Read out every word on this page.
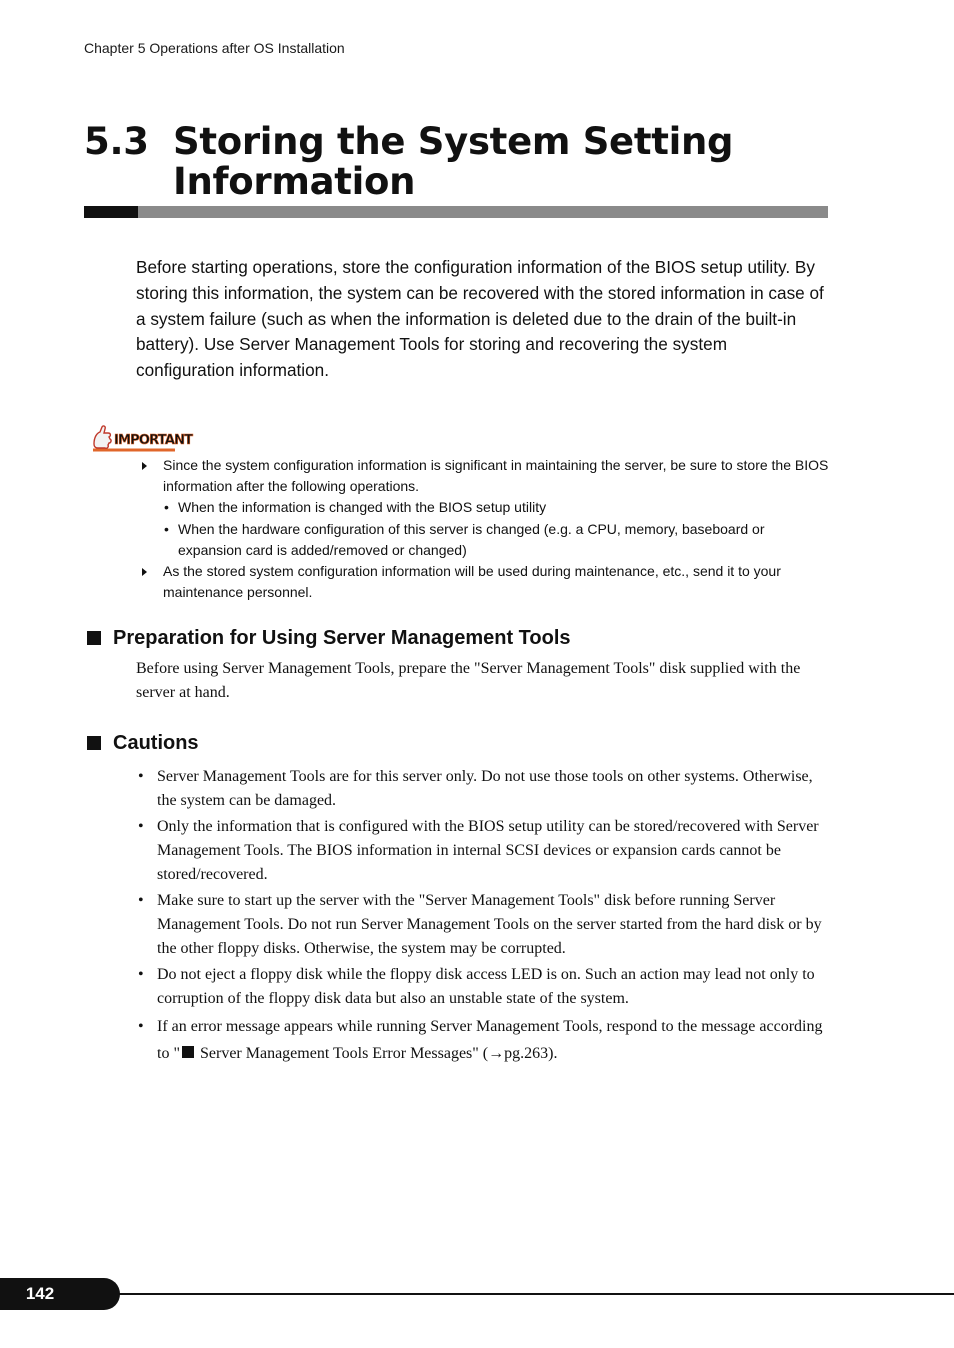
Chapter 5 Operations after OS Installation
5.3 Storing the System Setting Information

Before starting operations, store the configuration information of the BIOS setup utility. By storing this information, the system can be recovered with the stored information in case of a system failure (such as when the information is deleted due to the drain of the built-in battery). Use Server Management Tools for storing and recovering the system configuration information.

IMPORTANT

Since the system configuration information is significant in maintaining the server, be sure to store the BIOS information after the following operations.

• When the information is changed with the BIOS setup utility

• When the hardware configuration of this server is changed (e.g. a CPU, memory, baseboard or expansion card is added/removed or changed)

As the stored system configuration information will be used during maintenance, etc., send it to your maintenance personnel.

Preparation for Using Server Management Tools

Before using Server Management Tools, prepare the "Server Management Tools" disk supplied with the server at hand.

Cautions

• Server Management Tools are for this server only. Do not use those tools on other systems. Otherwise, the system can be damaged.

• Only the information that is configured with the BIOS setup utility can be stored/recovered with Server Management Tools. The BIOS information in internal SCSI devices or expansion cards cannot be stored/recovered.

• Make sure to start up the server with the "Server Management Tools" disk before running Server Management Tools. Do not run Server Management Tools on the server started from the hard disk or by the other floppy disks. Otherwise, the system may be corrupted.

• Do not eject a floppy disk while the floppy disk access LED is on. Such an action may lead not only to corruption of the floppy disk data but also an unstable state of the system.

• If an error message appears while running Server Management Tools, respond to the message according to " Server Management Tools Error Messages" (→pg.263).

142
